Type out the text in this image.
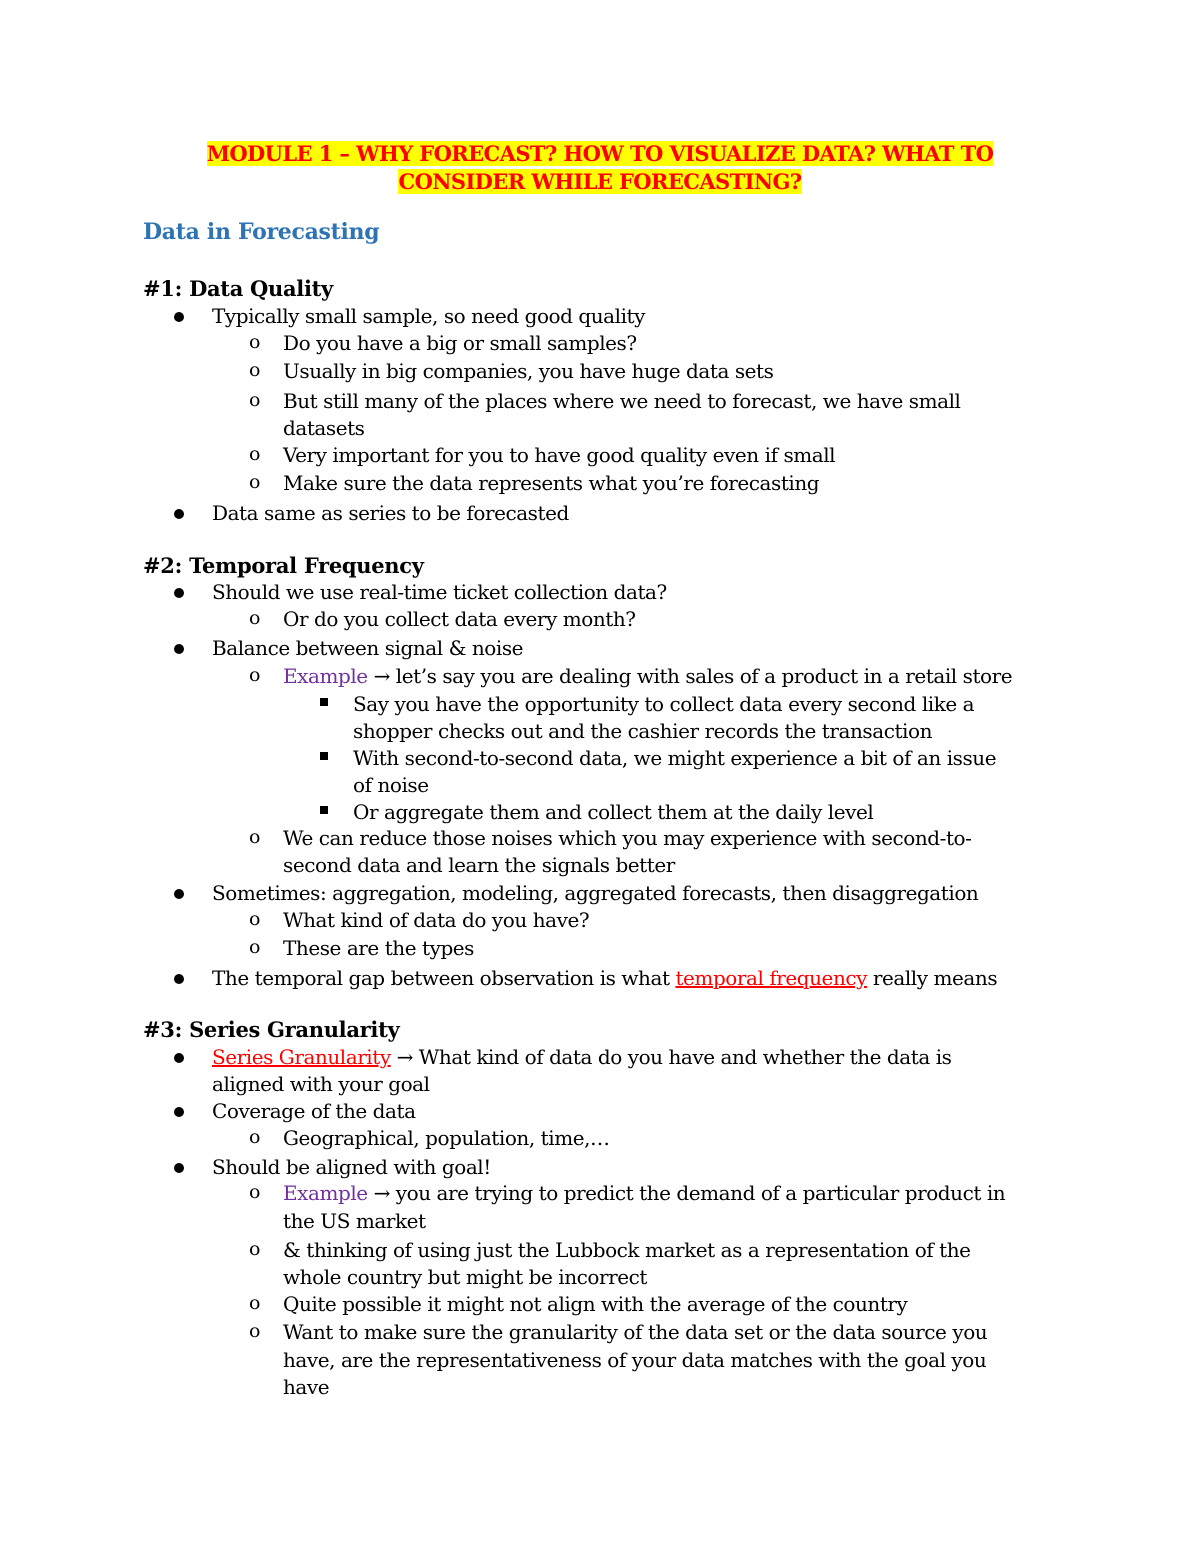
MODULE 1 – WHY FORECAST? HOW TO VISUALIZE DATA? WHAT TO
CONSIDER WHILE FORECASTING?
Data in Forecasting
#1: Data Quality
Typically small sample, so need good quality
o Do you have a big or small samples?
o Usually in big companies, you have huge data sets
o But still many of the places where we need to forecast, we have small
datasets
o Very important for you to have good quality even if small
o Make sure the data represents what you’re forecasting
Data same as series to be forecasted
#2: Temporal Frequency
Should we use real-time ticket collection data?
o Or do you collect data every month?
Balance between signal & noise
o Example → let’s say you are dealing with sales of a product in a retail store
Say you have the opportunity to collect data every second like a
shopper checks out and the cashier records the transaction
With second-to-second data, we might experience a bit of an issue
of noise
Or aggregate them and collect them at the daily level
o We can reduce those noises which you may experience with second-to-
second data and learn the signals better
Sometimes: aggregation, modeling, aggregated forecasts, then disaggregation
o What kind of data do you have?
o These are the types
The temporal gap between observation is what temporal frequency really means
#3: Series Granularity
Series Granularity → What kind of data do you have and whether the data is
aligned with your goal
Coverage of the data
o Geographical, population, time,…
Should be aligned with goal!
o Example → you are trying to predict the demand of a particular product in
the US market
o & thinking of using just the Lubbock market as a representation of the
whole country but might be incorrect
o Quite possible it might not align with the average of the country
o Want to make sure the granularity of the data set or the data source you
have, are the representativeness of your data matches with the goal you
have
